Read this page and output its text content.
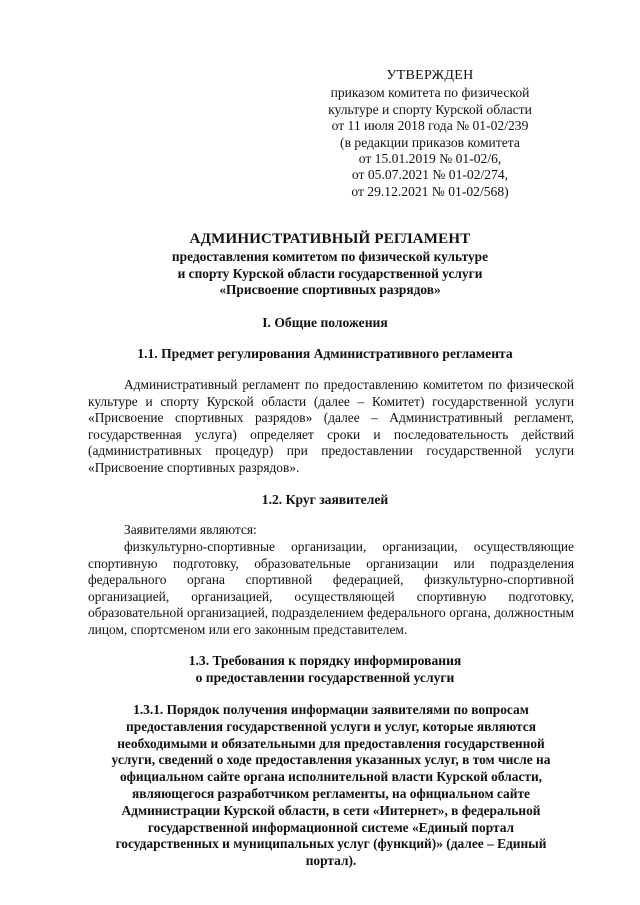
УТВЕРЖДЕН
приказом комитета по физической
культуре и спорту Курской области
от 11 июля 2018 года № 01-02/239
(в редакции приказов комитета
от 15.01.2019 № 01-02/6,
от 05.07.2021 № 01-02/274,
от 29.12.2021 № 01-02/568)
АДМИНИСТРАТИВНЫЙ РЕГЛАМЕНТ
предоставления комитетом по физической культуре
и спорту Курской области государственной услуги
«Присвоение спортивных разрядов»
I. Общие положения
1.1. Предмет регулирования Административного регламента
Административный регламент по предоставлению комитетом по физической культуре и спорту Курской области (далее – Комитет) государственной услуги «Присвоение спортивных разрядов» (далее – Административный регламент, государственная услуга) определяет сроки и последовательность действий (административных процедур) при предоставлении государственной услуги «Присвоение спортивных разрядов».
1.2. Круг заявителей
Заявителями являются:
физкультурно-спортивные организации, организации, осуществляющие спортивную подготовку, образовательные организации или подразделения федерального органа спортивной федерацией, физкультурно-спортивной организацией, организацией, осуществляющей спортивную подготовку, образовательной организацией, подразделением федерального органа, должностным лицом, спортсменом или его законным представителем.
1.3. Требования к порядку информирования
о предоставлении государственной услуги
1.3.1. Порядок получения информации заявителями по вопросам
предоставления государственной услуги и услуг, которые являются
необходимыми и обязательными для предоставления государственной
услуги, сведений о ходе предоставления указанных услуг, в том числе на
официальном сайте органа исполнительной власти Курской области,
являющегося разработчиком регламенты, на официальном сайте
Администрации Курской области, в сети «Интернет», в федеральной
государственной информационной системе «Единый портал
государственных и муниципальных услуг (функций)» (далее – Единый
портал).
